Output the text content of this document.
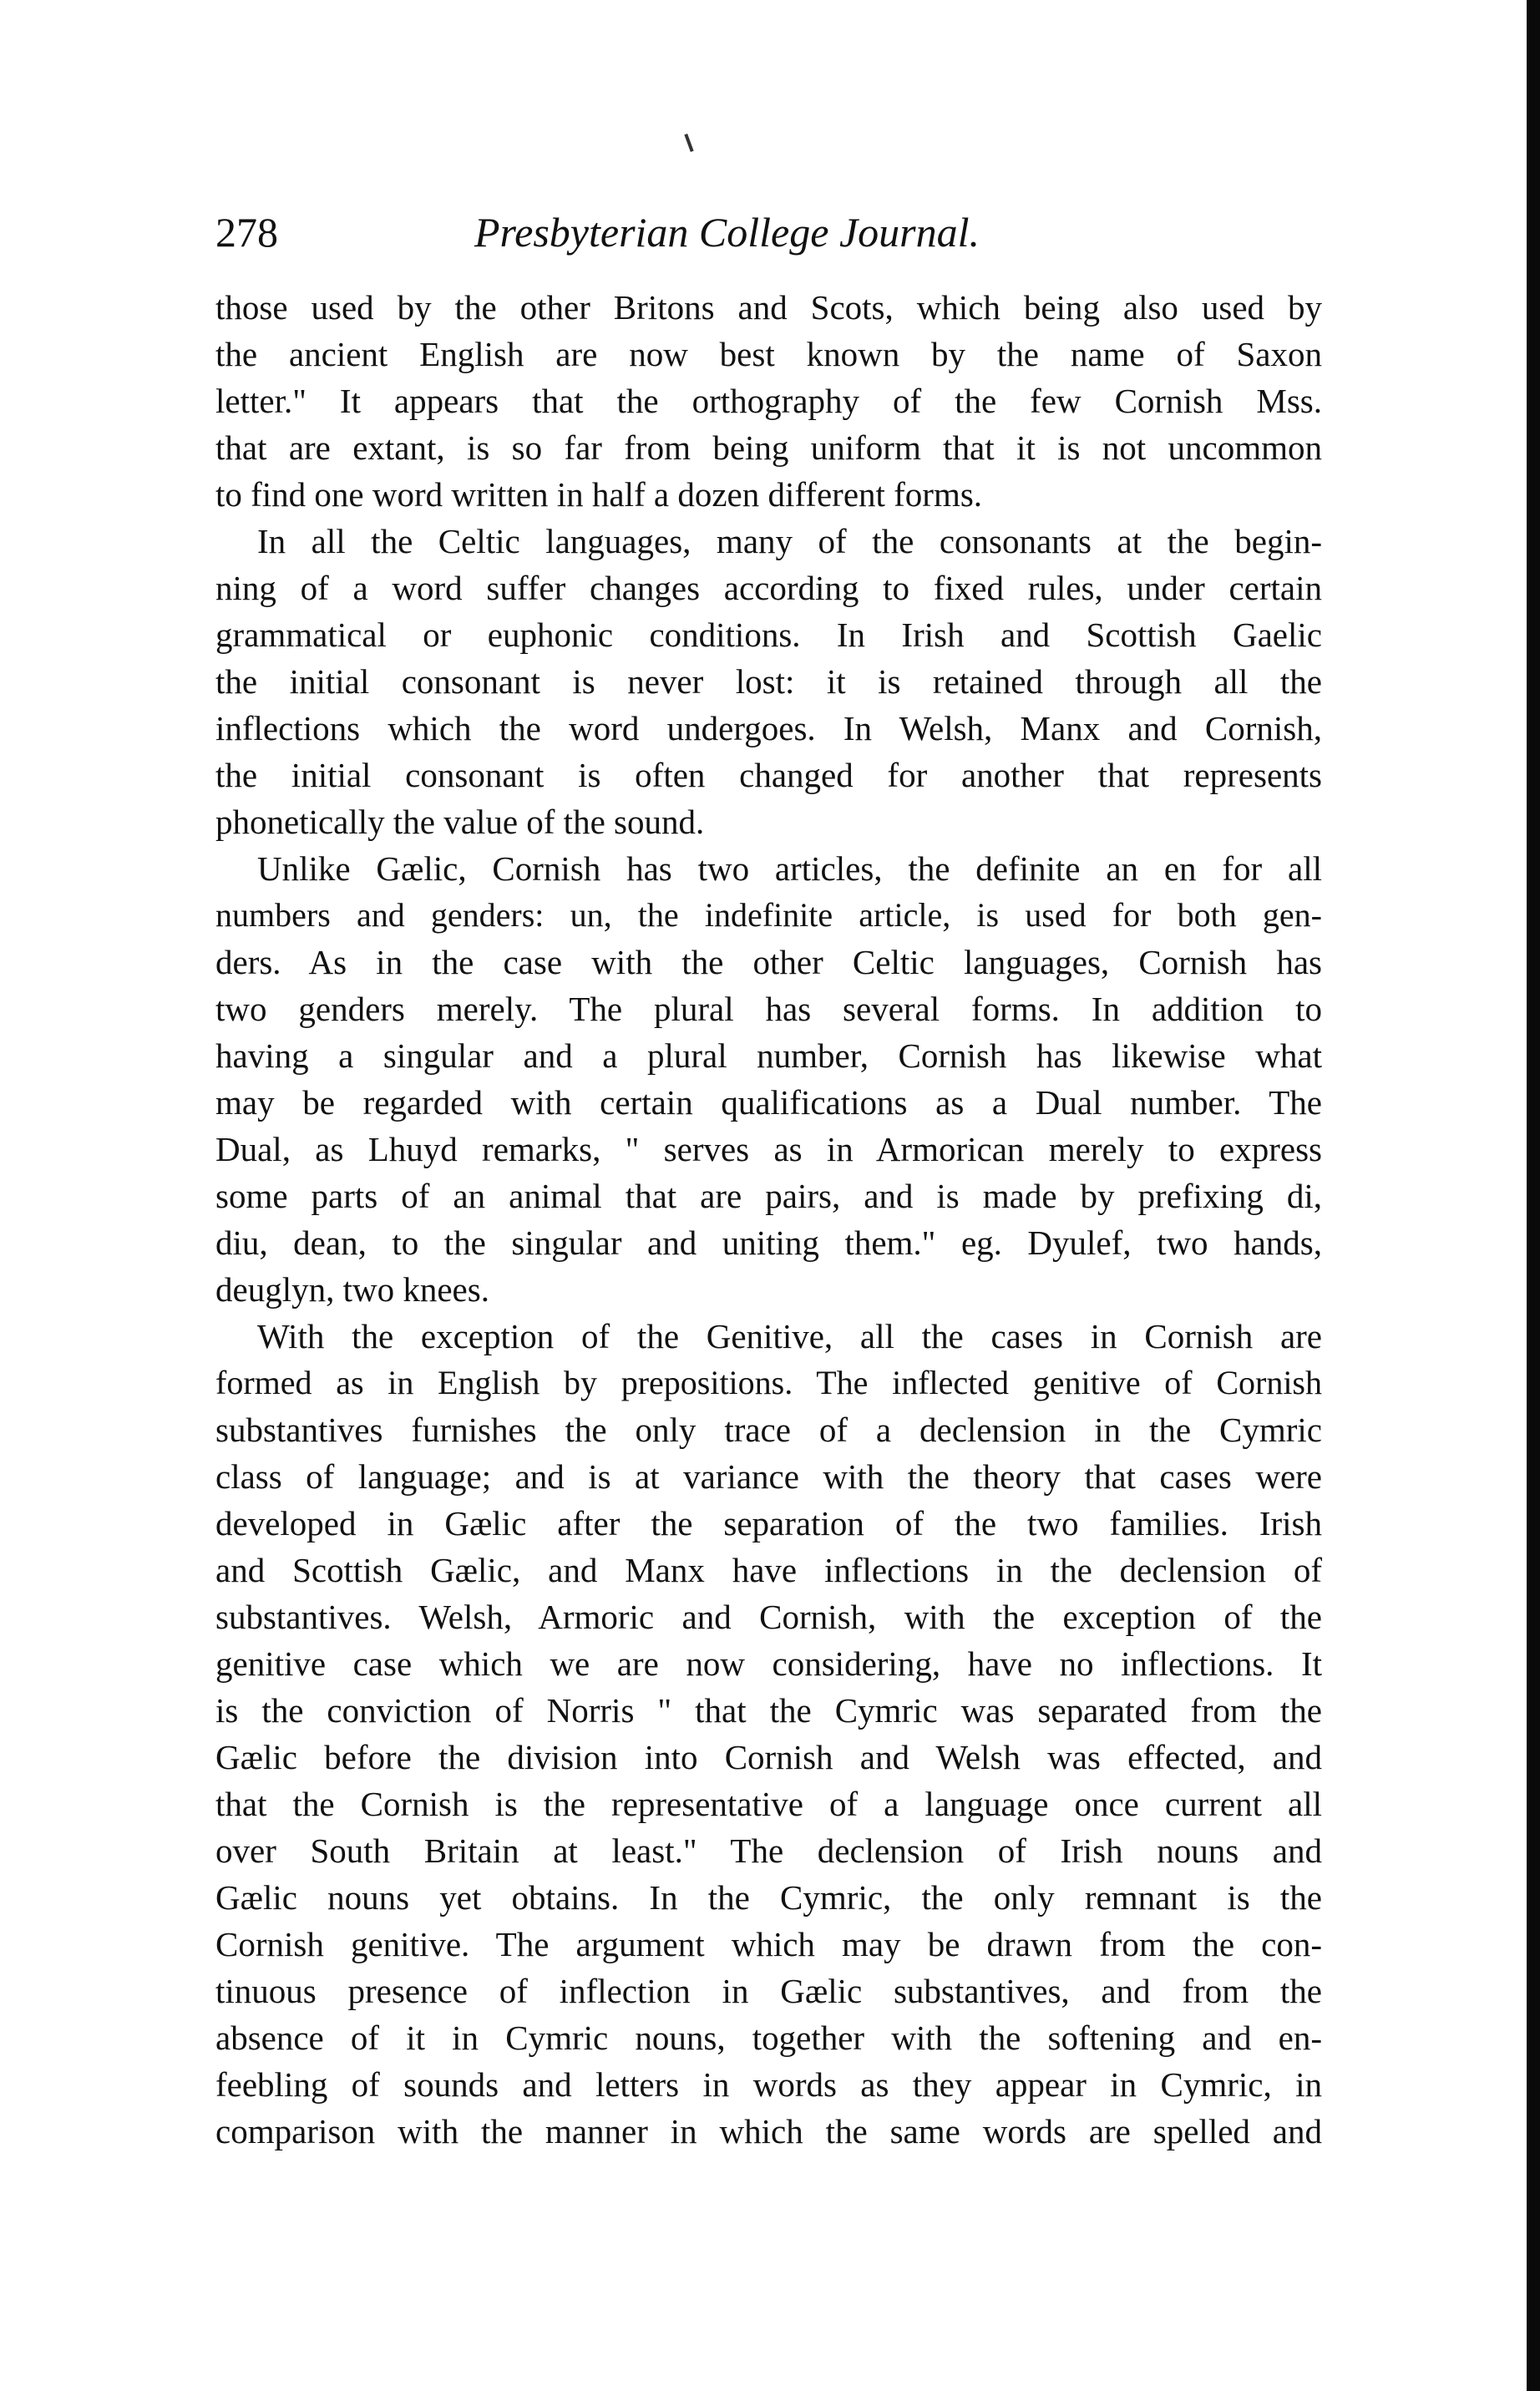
278	Presbyterian College Journal.
those used by the other Britons and Scots, which being also used by
the ancient English are now best known by the name of Saxon
letter." It appears that the orthography of the few Cornish Mss.
that are extant, is so far from being uniform that it is not uncommon
to find one word written in half a dozen different forms.
In all the Celtic languages, many of the consonants at the begin-
ning of a word suffer changes according to fixed rules, under certain
grammatical or euphonic conditions. In Irish and Scottish Gaelic
the initial consonant is never lost: it is retained through all the
inflections which the word undergoes. In Welsh, Manx and Cornish,
the initial consonant is often changed for another that represents
phonetically the value of the sound.
Unlike Gælic, Cornish has two articles, the definite an en for all
numbers and genders: un, the indefinite article, is used for both gen-
ders. As in the case with the other Celtic languages, Cornish has
two genders merely. The plural has several forms. In addition to
having a singular and a plural number, Cornish has likewise what
may be regarded with certain qualifications as a Dual number. The
Dual, as Lhuyd remarks, " serves as in Armorican merely to express
some parts of an animal that are pairs, and is made by prefixing di,
diu, dean, to the singular and uniting them." eg. Dyulef, two hands,
deuglyn, two knees.
With the exception of the Genitive, all the cases in Cornish are
formed as in English by prepositions. The inflected genitive of Cornish
substantives furnishes the only trace of a declension in the Cymric
class of language; and is at variance with the theory that cases were
developed in Gælic after the separation of the two families. Irish
and Scottish Gælic, and Manx have inflections in the declension of
substantives. Welsh, Armoric and Cornish, with the exception of the
genitive case which we are now considering, have no inflections. It
is the conviction of Norris " that the Cymric was separated from the
Gælic before the division into Cornish and Welsh was effected, and
that the Cornish is the representative of a language once current all
over South Britain at least." The declension of Irish nouns and
Gælic nouns yet obtains. In the Cymric, the only remnant is the
Cornish genitive. The argument which may be drawn from the con-
tinuous presence of inflection in Gælic substantives, and from the
absence of it in Cymric nouns, together with the softening and en-
feebling of sounds and letters in words as they appear in Cymric, in
comparison with the manner in which the same words are spelled and
